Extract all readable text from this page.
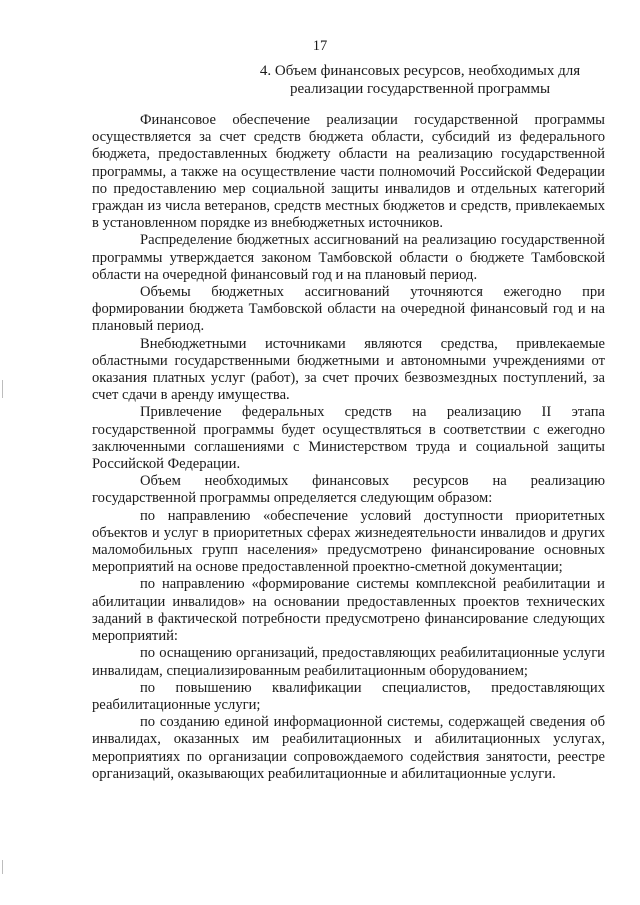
17
4. Объем финансовых ресурсов, необходимых для
реализации государственной программы

Финансовое обеспечение реализации государственной программы осуществляется за счет средств бюджета области, субсидий из федерального бюджета, предоставленных бюджету области на реализацию государственной программы, а также на осуществление части полномочий Российской Федерации по предоставлению мер социальной защиты инвалидов и отдельных категорий граждан из числа ветеранов, средств местных бюджетов и средств, привлекаемых в установленном порядке из внебюджетных источников.

Распределение бюджетных ассигнований на реализацию государственной программы утверждается законом Тамбовской области о бюджете Тамбовской области на очередной финансовый год и на плановый период.

Объемы бюджетных ассигнований уточняются ежегодно при формировании бюджета Тамбовской области на очередной финансовый год и на плановый период.

Внебюджетными источниками являются средства, привлекаемые областными государственными бюджетными и автономными учреждениями от оказания платных услуг (работ), за счет прочих безвозмездных поступлений, за счет сдачи в аренду имущества.

Привлечение федеральных средств на реализацию II этапа государственной программы будет осуществляться в соответствии с ежегодно заключенными соглашениями с Министерством труда и социальной защиты Российской Федерации.

Объем необходимых финансовых ресурсов на реализацию государственной программы определяется следующим образом:

по направлению «обеспечение условий доступности приоритетных объектов и услуг в приоритетных сферах жизнедеятельности инвалидов и других маломобильных групп населения» предусмотрено финансирование основных мероприятий на основе предоставленной проектно-сметной документации;

по направлению «формирование системы комплексной реабилитации и абилитации инвалидов» на основании предоставленных проектов технических заданий в фактической потребности предусмотрено финансирование следующих мероприятий:

по оснащению организаций, предоставляющих реабилитационные услуги инвалидам, специализированным реабилитационным оборудованием;

по повышению квалификации специалистов, предоставляющих реабилитационные услуги;

по созданию единой информационной системы, содержащей сведения об инвалидах, оказанных им реабилитационных и абилитационных услугах, мероприятиях по организации сопровождаемого содействия занятости, реестре организаций, оказывающих реабилитационные и абилитационные услуги.
